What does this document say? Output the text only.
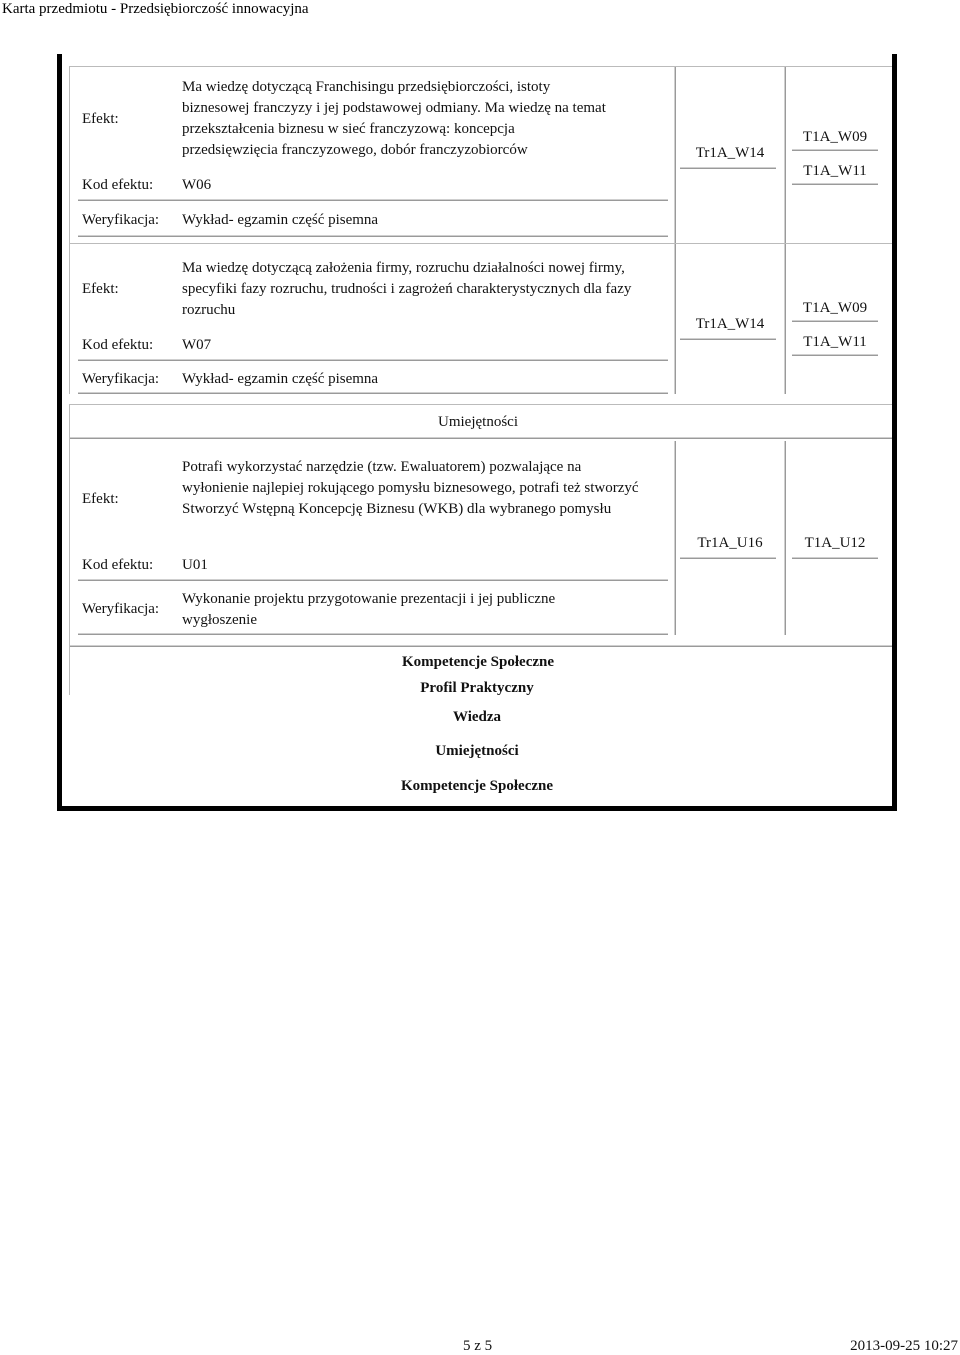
Karta przedmiotu - Przedsiębiorczość innowacyjna
Efekt:
Ma wiedzę dotyczącą Franchisingu przedsiębiorczości, istoty biznesowej franczyzy i jej podstawowej odmiany. Ma wiedzę na temat przekształcenia biznesu w sieć franczyzową: koncepcja przedsięwzięcia franczyzowego, dobór franczyzobiorców
Kod efektu: W06
Weryfikacja: Wykład- egzamin część pisemna
Tr1A_W14
T1A_W09
T1A_W11
Efekt:
Ma wiedzę dotyczącą założenia firmy, rozruchu działalności nowej firmy, specyfiki fazy rozruchu, trudności i zagrożeń charakterystycznych dla fazy rozruchu
Kod efektu: W07
Weryfikacja: Wykład- egzamin część pisemna
Tr1A_W14
T1A_W09
T1A_W11
Umiejętności
Efekt:
Potrafi wykorzystać narzędzie (tzw. Ewaluatorem) pozwalające na wyłonienie najlepiej rokującego pomysłu biznesowego, potrafi też stworzyć Stworzyć Wstępną Koncepcję Biznesu (WKB) dla wybranego pomysłu
Kod efektu: U01
Weryfikacja:
Wykonanie projektu przygotowanie prezentacji i jej publiczne wygłoszenie
Tr1A_U16	T1A_U12
Kompetencje Społeczne
Profil Praktyczny
Wiedza
Umiejętności
Kompetencje Społeczne
5 z 5	2013-09-25 10:27
